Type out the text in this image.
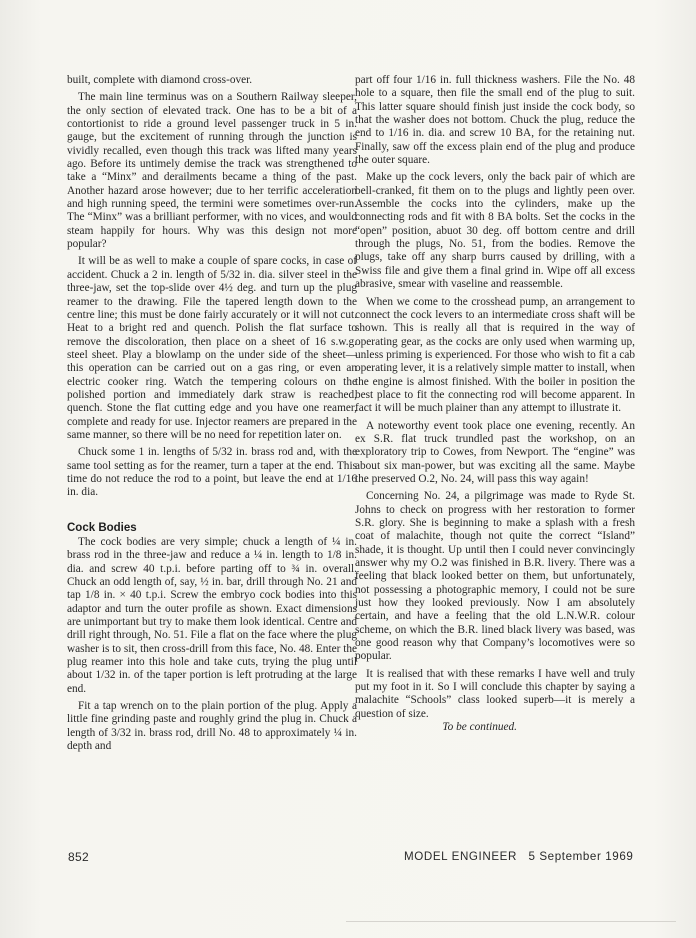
built, complete with diamond cross-over.

The main line terminus was on a Southern Railway sleeper, the only section of elevated track. One has to be a bit of a contortionist to ride a ground level passenger truck in 5 in. gauge, but the excitement of running through the junction is vividly recalled, even though this track was lifted many years ago. Before its untimely demise the track was strengthened to take a “Minx” and derailments became a thing of the past. Another hazard arose however; due to her terrific acceleration and high running speed, the termini were sometimes over-run. The “Minx” was a brilliant performer, with no vices, and would steam happily for hours. Why was this design not more popular?

It will be as well to make a couple of spare cocks, in case of accident. Chuck a 2 in. length of 5/32 in. dia. silver steel in the three-jaw, set the top-slide over 4½ deg. and turn up the plug reamer to the drawing. File the tapered length down to the centre line; this must be done fairly accurately or it will not cut. Heat to a bright red and quench. Polish the flat surface to remove the discoloration, then place on a sheet of 16 s.w.g. steel sheet. Play a blowlamp on the under side of the sheet—this operation can be carried out on a gas ring, or even an electric cooker ring. Watch the tempering colours on the polished portion and immediately dark straw is reached, quench. Stone the flat cutting edge and you have one reamer, complete and ready for use. Injector reamers are prepared in the same manner, so there will be no need for repetition later on.

Chuck some 1 in. lengths of 5/32 in. brass rod and, with the same tool setting as for the reamer, turn a taper at the end. This time do not reduce the rod to a point, but leave the end at 1/16 in. dia.

Cock Bodies

The cock bodies are very simple; chuck a length of ¼ in. brass rod in the three-jaw and reduce a ¼ in. length to 1/8 in. dia. and screw 40 t.p.i. before parting off to ¾ in. overall. Chuck an odd length of, say, ½ in. bar, drill through No. 21 and tap 1/8 in. × 40 t.p.i. Screw the embryo cock bodies into this adaptor and turn the outer profile as shown. Exact dimensions are unimportant but try to make them look identical. Centre and drill right through, No. 51. File a flat on the face where the plug washer is to sit, then cross-drill from this face, No. 48. Enter the plug reamer into this hole and take cuts, trying the plug until about 1/32 in. of the taper portion is left protruding at the large end.

Fit a tap wrench on to the plain portion of the plug. Apply a little fine grinding paste and roughly grind the plug in. Chuck a length of 3/32 in. brass rod, drill No. 48 to approximately ¼ in. depth and

part off four 1/16 in. full thickness washers. File the No. 48 hole to a square, then file the small end of the plug to suit. This latter square should finish just inside the cock body, so that the washer does not bottom. Chuck the plug, reduce the end to 1/16 in. dia. and screw 10 BA, for the retaining nut. Finally, saw off the excess plain end of the plug and produce the outer square.

Make up the cock levers, only the back pair of which are bell-cranked, fit them on to the plugs and lightly peen over. Assemble the cocks into the cylinders, make up the connecting rods and fit with 8 BA bolts. Set the cocks in the “open” position, abuot 30 deg. off bottom centre and drill through the plugs, No. 51, from the bodies. Remove the plugs, take off any sharp burrs caused by drilling, with a Swiss file and give them a final grind in. Wipe off all excess abrasive, smear with vaseline and reassemble.

When we come to the crosshead pump, an arrangement to connect the cock levers to an intermediate cross shaft will be shown. This is really all that is required in the way of operating gear, as the cocks are only used when warming up, unless priming is experienced. For those who wish to fit a cab operating lever, it is a relatively simple matter to install, when the engine is almost finished. With the boiler in position the best place to fit the connecting rod will become apparent. In fact it will be much plainer than any attempt to illustrate it.

A noteworthy event took place one evening, recently. An ex S.R. flat truck trundled past the workshop, on an exploratory trip to Cowes, from Newport. The “engine” was about six man-power, but was exciting all the same. Maybe the preserved O.2, No. 24, will pass this way again!

Concerning No. 24, a pilgrimage was made to Ryde St. Johns to check on progress with her restoration to former S.R. glory. She is beginning to make a splash with a fresh coat of malachite, though not quite the correct “Island” shade, it is thought. Up until then I could never convincingly answer why my O.2 was finished in B.R. livery. There was a feeling that black looked better on them, but unfortunately, not possessing a photographic memory, I could not be sure just how they looked previously. Now I am absolutely certain, and have a feeling that the old L.N.W.R. colour scheme, on which the B.R. lined black livery was based, was one good reason why that Company’s locomotives were so popular.

It is realised that with these remarks I have well and truly put my foot in it. So I will conclude this chapter by saying a malachite “Schools” class looked superb—it is merely a question of size.

To be continued.

852	MODEL ENGINEER 5 September 1969
